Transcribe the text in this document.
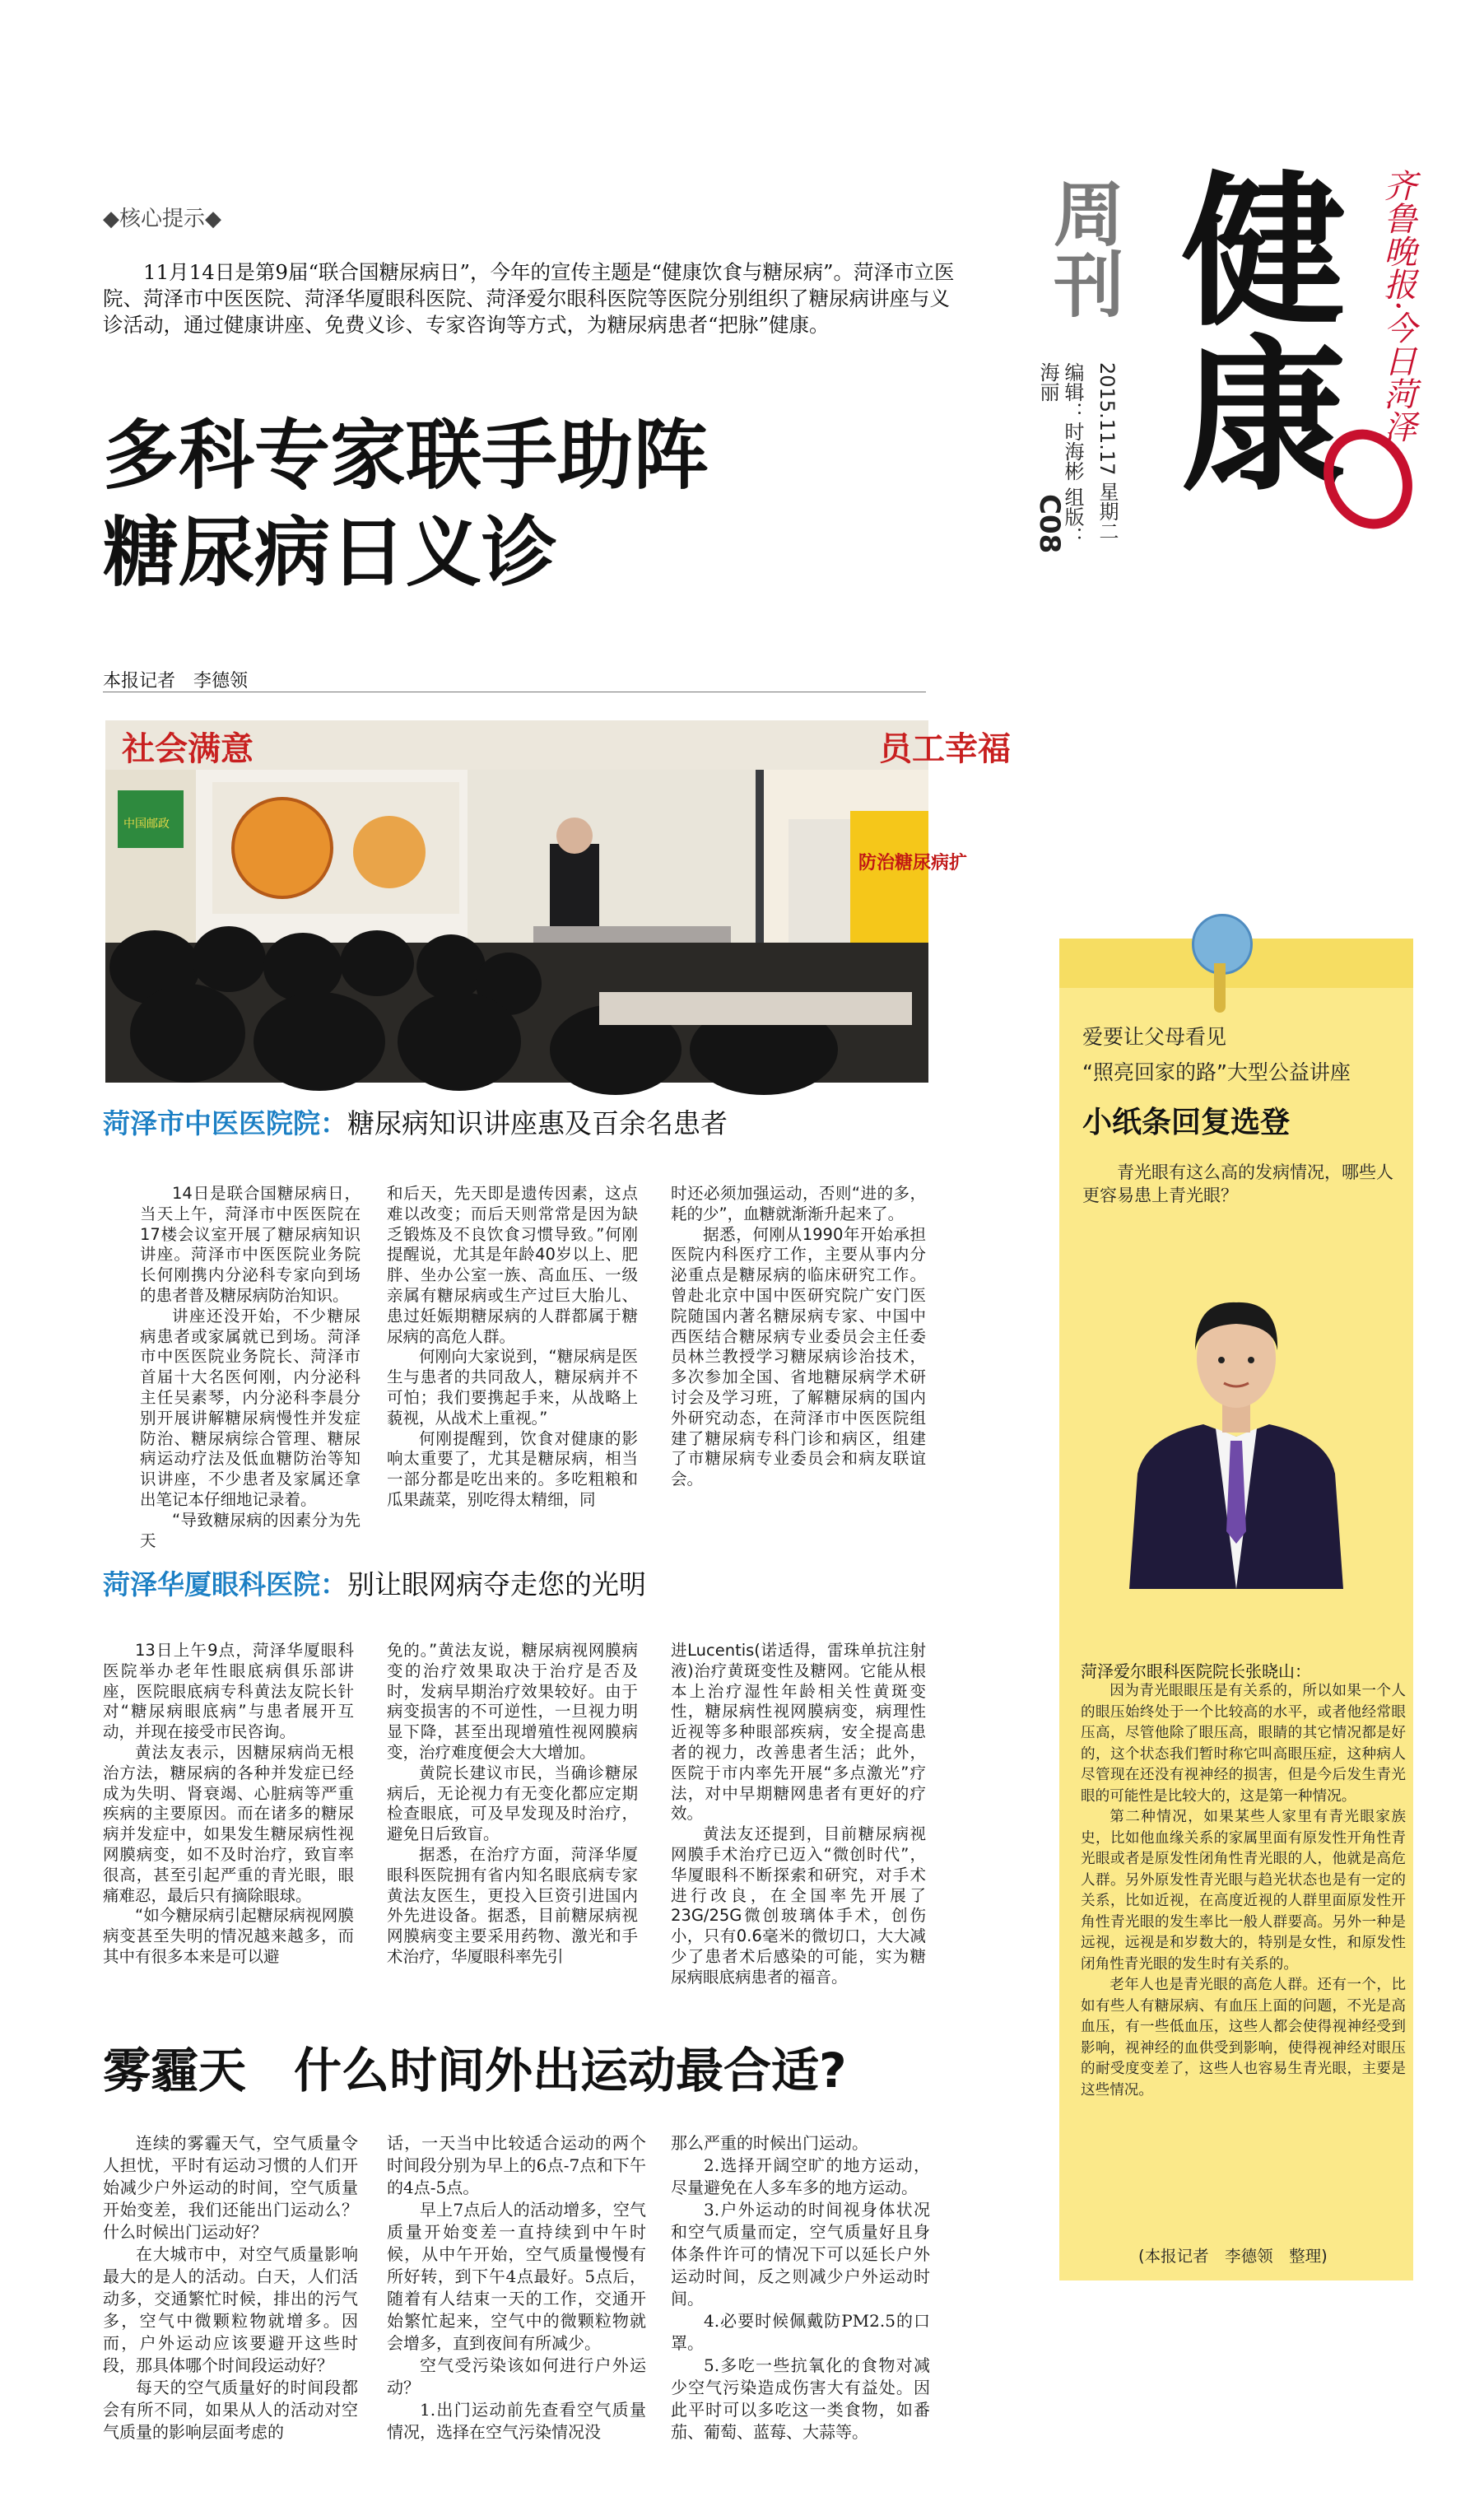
周刊 健康 齐鲁晚报·今日菏泽
编辑：时海彬 组版：海丽	2015.11.17 星期二
C08
◆核心提示◆
11月14日是第9届“联合国糖尿病日”，今年的宣传主题是“健康饮食与糖尿病”。菏泽市立医院、菏泽市中医医院、菏泽华厦眼科医院、菏泽爱尔眼科医院等医院分别组织了糖尿病讲座与义诊活动，通过健康讲座、免费义诊、专家咨询等方式，为糖尿病患者“把脉”健康。
多科专家联手助阵
糖尿病日义诊
本报记者　李德领
社会满意　　　　　　　　　　　　　　　　　　　员工幸福
中国邮政
防治糖尿病扩
菏泽市中医医院院：糖尿病知识讲座惠及百余名患者

14日是联合国糖尿病日，当天上午，菏泽市中医医院在17楼会议室开展了糖尿病知识讲座。菏泽市中医医院业务院长何刚携内分泌科专家向到场的患者普及糖尿病防治知识。

讲座还没开始，不少糖尿病患者或家属就已到场。菏泽市中医医院业务院长、菏泽市首届十大名医何刚，内分泌科主任吴素琴，内分泌科李晨分别开展讲解糖尿病慢性并发症防治、糖尿病综合管理、糖尿病运动疗法及低血糖防治等知识讲座，不少患者及家属还拿出笔记本仔细地记录着。

“导致糖尿病的因素分为先天

和后天，先天即是遗传因素，这点难以改变；而后天则常常是因为缺乏锻炼及不良饮食习惯导致。”何刚提醒说，尤其是年龄40岁以上、肥胖、坐办公室一族、高血压、一级亲属有糖尿病或生产过巨大胎儿、患过妊娠期糖尿病的人群都属于糖尿病的高危人群。

何刚向大家说到，“糖尿病是医生与患者的共同敌人，糖尿病并不可怕；我们要携起手来，从战略上藐视，从战术上重视。”

何刚提醒到，饮食对健康的影响太重要了，尤其是糖尿病，相当一部分都是吃出来的。多吃粗粮和瓜果蔬菜，别吃得太精细，同

时还必须加强运动，否则“进的多，耗的少”，血糖就渐渐升起来了。

据悉，何刚从1990年开始承担医院内科医疗工作，主要从事内分泌重点是糖尿病的临床研究工作。曾赴北京中国中医研究院广安门医院随国内著名糖尿病专家、中国中西医结合糖尿病专业委员会主任委员林兰教授学习糖尿病诊治技术，多次参加全国、省地糖尿病学术研讨会及学习班，了解糖尿病的国内外研究动态，在菏泽市中医医院组建了糖尿病专科门诊和病区，组建了市糖尿病专业委员会和病友联谊会。

菏泽华厦眼科医院：别让眼网病夺走您的光明

13日上午9点，菏泽华厦眼科医院举办老年性眼底病俱乐部讲座，医院眼底病专科黄法友院长针对“糖尿病眼底病”与患者展开互动，并现在接受市民咨询。

黄法友表示，因糖尿病尚无根治方法，糖尿病的各种并发症已经成为失明、肾衰竭、心脏病等严重疾病的主要原因。而在诸多的糖尿病并发症中，如果发生糖尿病性视网膜病变，如不及时治疗，致盲率很高，甚至引起严重的青光眼，眼痛难忍，最后只有摘除眼球。

“如今糖尿病引起糖尿病视网膜病变甚至失明的情况越来越多，而其中有很多本来是可以避

免的。”黄法友说，糖尿病视网膜病变的治疗效果取决于治疗是否及时，发病早期治疗效果较好。由于病变损害的不可逆性，一旦视力明显下降，甚至出现增殖性视网膜病变，治疗难度便会大大增加。

黄院长建议市民，当确诊糖尿病后，无论视力有无变化都应定期检查眼底，可及早发现及时治疗，避免日后致盲。

据悉，在治疗方面，菏泽华厦眼科医院拥有省内知名眼底病专家黄法友医生，更投入巨资引进国内外先进设备。据悉，目前糖尿病视网膜病变主要采用药物、激光和手术治疗，华厦眼科率先引

进Lucentis(诺适得，雷珠单抗注射液)治疗黄斑变性及糖网。它能从根本上治疗湿性年龄相关性黄斑变性，糖尿病性视网膜病变，病理性近视等多种眼部疾病，安全提高患者的视力，改善患者生活；此外，医院于市内率先开展“多点激光”疗法，对中早期糖网患者有更好的疗效。

黄法友还提到，目前糖尿病视网膜手术治疗已迈入“微创时代”，华厦眼科不断探索和研究，对手术进行改良，在全国率先开展了23G/25G微创玻璃体手术，创伤小，只有0.6毫米的微切口，大大减少了患者术后感染的可能，实为糖尿病眼底病患者的福音。

雾霾天　什么时间外出运动最合适?

连续的雾霾天气，空气质量令人担忧，平时有运动习惯的人们开始减少户外运动的时间，空气质量开始变差，我们还能出门运动么？什么时候出门运动好？

在大城市中，对空气质量影响最大的是人的活动。白天，人们活动多，交通繁忙时候，排出的污气多，空气中微颗粒物就增多。因而，户外运动应该要避开这些时段，那具体哪个时间段运动好？

每天的空气质量好的时间段都会有所不同，如果从人的活动对空气质量的影响层面考虑的

话，一天当中比较适合运动的两个时间段分别为早上的6点-7点和下午的4点-5点。

早上7点后人的活动增多，空气质量开始变差一直持续到中午时候，从中午开始，空气质量慢慢有所好转，到下午4点最好。5点后，随着有人结束一天的工作，交通开始繁忙起来，空气中的微颗粒物就会增多，直到夜间有所减少。

空气受污染该如何进行户外运动？

1.出门运动前先查看空气质量情况，选择在空气污染情况没

那么严重的时候出门运动。

2.选择开阔空旷的地方运动，尽量避免在人多车多的地方运动。

3.户外运动的时间视身体状况和空气质量而定，空气质量好且身体条件许可的情况下可以延长户外运动时间，反之则减少户外运动时间。

4.必要时候佩戴防PM2.5的口罩。

5.多吃一些抗氧化的食物对减少空气污染造成伤害大有益处。因此平时可以多吃这一类食物，如番茄、葡萄、蓝莓、大蒜等。

爱要让父母看见
“照亮回家的路”大型公益讲座
小纸条回复选登
青光眼有这么高的发病情况，哪些人更容易患上青光眼？
菏泽爱尔眼科医院院长张晓山：

因为青光眼眼压是有关系的，所以如果一个人的眼压始终处于一个比较高的水平，或者他经常眼压高，尽管他除了眼压高，眼睛的其它情况都是好的，这个状态我们暂时称它叫高眼压症，这种病人尽管现在还没有视神经的损害，但是今后发生青光眼的可能性是比较大的，这是第一种情况。

第二种情况，如果某些人家里有青光眼家族史，比如他血缘关系的家属里面有原发性开角性青光眼或者是原发性闭角性青光眼的人，他就是高危人群。另外原发性青光眼与趋光状态也是有一定的关系，比如近视，在高度近视的人群里面原发性开角性青光眼的发生率比一般人群要高。另外一种是远视，远视是和岁数大的，特别是女性，和原发性闭角性青光眼的发生时有关系的。

老年人也是青光眼的高危人群。还有一个，比如有些人有糖尿病、有血压上面的问题，不光是高血压，有一些低血压，这些人都会使得视神经受到影响，视神经的血供受到影响，使得视神经对眼压的耐受度变差了，这些人也容易生青光眼，主要是这些情况。

(本报记者　李德领　整理)
